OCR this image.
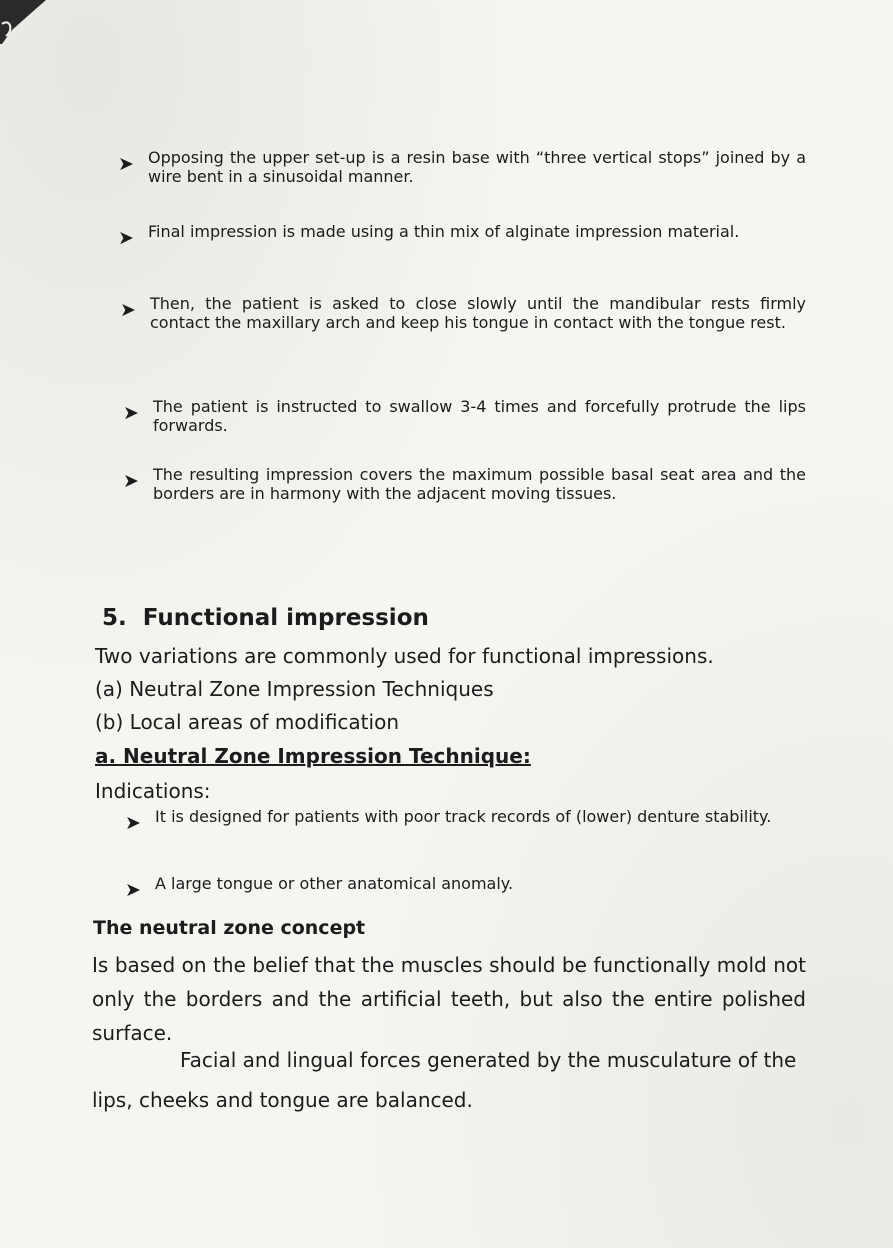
➤ Opposing the upper set-up is a resin base with “three vertical stops” joined by a wire bent in a sinusoidal manner.
➤ Final impression is made using a thin mix of alginate impression material.
➤ Then, the patient is asked to close slowly until the mandibular rests firmly contact the maxillary arch and keep his tongue in contact with the tongue rest.
➤ The patient is instructed to swallow 3-4 times and forcefully protrude the lips forwards.
➤ The resulting impression covers the maximum possible basal seat area and the borders are in harmony with the adjacent moving tissues.
5.  Functional impression
Two variations are commonly used for functional impressions.
(a) Neutral Zone Impression Techniques
(b) Local areas of modification
a. Neutral Zone Impression Technique:
Indications:
➤ It is designed for patients with poor track records of (lower) denture stability.
➤ A large tongue or other anatomical anomaly.
The neutral zone concept
Is based on the belief that the muscles should be functionally mold not only the borders and the artificial teeth, but also the entire polished surface.
Facial and lingual forces generated by the musculature of the
lips, cheeks and tongue are balanced.
